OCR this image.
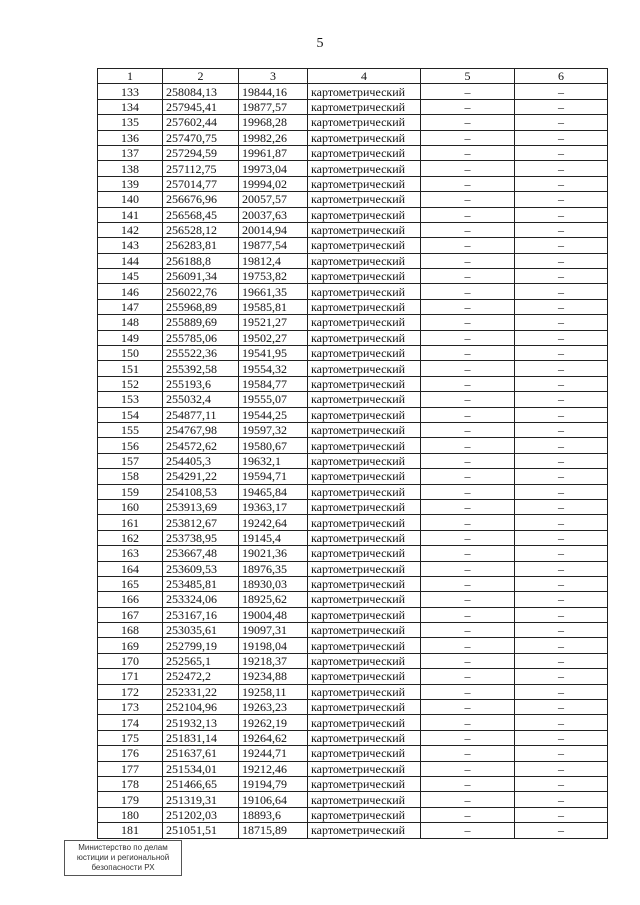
5
1	2	3	4	5	6
133	258084,13	19844,16	картометрический	–	–
134	257945,41	19877,57	картометрический	–	–
135	257602,44	19968,28	картометрический	–	–
136	257470,75	19982,26	картометрический	–	–
137	257294,59	19961,87	картометрический	–	–
138	257112,75	19973,04	картометрический	–	–
139	257014,77	19994,02	картометрический	–	–
140	256676,96	20057,57	картометрический	–	–
141	256568,45	20037,63	картометрический	–	–
142	256528,12	20014,94	картометрический	–	–
143	256283,81	19877,54	картометрический	–	–
144	256188,8	19812,4	картометрический	–	–
145	256091,34	19753,82	картометрический	–	–
146	256022,76	19661,35	картометрический	–	–
147	255968,89	19585,81	картометрический	–	–
148	255889,69	19521,27	картометрический	–	–
149	255785,06	19502,27	картометрический	–	–
150	255522,36	19541,95	картометрический	–	–
151	255392,58	19554,32	картометрический	–	–
152	255193,6	19584,77	картометрический	–	–
153	255032,4	19555,07	картометрический	–	–
154	254877,11	19544,25	картометрический	–	–
155	254767,98	19597,32	картометрический	–	–
156	254572,62	19580,67	картометрический	–	–
157	254405,3	19632,1	картометрический	–	–
158	254291,22	19594,71	картометрический	–	–
159	254108,53	19465,84	картометрический	–	–
160	253913,69	19363,17	картометрический	–	–
161	253812,67	19242,64	картометрический	–	–
162	253738,95	19145,4	картометрический	–	–
163	253667,48	19021,36	картометрический	–	–
164	253609,53	18976,35	картометрический	–	–
165	253485,81	18930,03	картометрический	–	–
166	253324,06	18925,62	картометрический	–	–
167	253167,16	19004,48	картометрический	–	–
168	253035,61	19097,31	картометрический	–	–
169	252799,19	19198,04	картометрический	–	–
170	252565,1	19218,37	картометрический	–	–
171	252472,2	19234,88	картометрический	–	–
172	252331,22	19258,11	картометрический	–	–
173	252104,96	19263,23	картометрический	–	–
174	251932,13	19262,19	картометрический	–	–
175	251831,14	19264,62	картометрический	–	–
176	251637,61	19244,71	картометрический	–	–
177	251534,01	19212,46	картометрический	–	–
178	251466,65	19194,79	картометрический	–	–
179	251319,31	19106,64	картометрический	–	–
180	251202,03	18893,6	картометрический	–	–
181	251051,51	18715,89	картометрический	–	–
Министерство по делам
юстиции и региональной
безопасности РХ
